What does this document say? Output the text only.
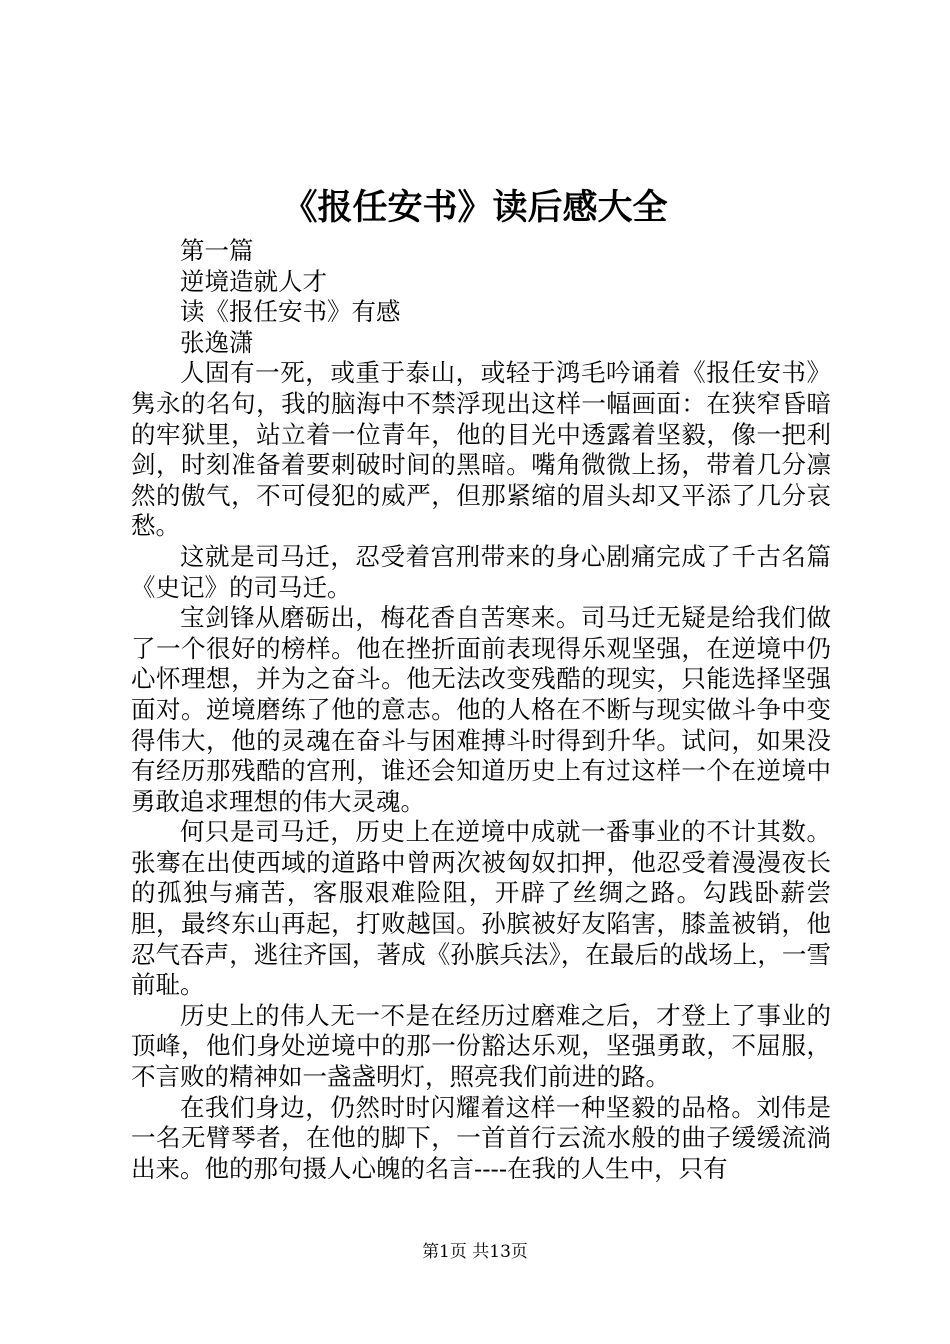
《报任安书》读后感大全

第一篇

逆境造就人才

读《报任安书》有感

张逸潇

人固有一死，或重于泰山，或轻于鸿毛吟诵着《报任安书》隽永的名句，我的脑海中不禁浮现出这样一幅画面：在狭窄昏暗的牢狱里，站立着一位青年，他的目光中透露着坚毅，像一把利剑，时刻准备着要刺破时间的黑暗。嘴角微微上扬，带着几分凛然的傲气，不可侵犯的威严，但那紧缩的眉头却又平添了几分哀愁。

这就是司马迁，忍受着宫刑带来的身心剧痛完成了千古名篇《史记》的司马迁。

宝剑锋从磨砺出，梅花香自苦寒来。司马迁无疑是给我们做了一个很好的榜样。他在挫折面前表现得乐观坚强，在逆境中仍心怀理想，并为之奋斗。他无法改变残酷的现实，只能选择坚强面对。逆境磨练了他的意志。他的人格在不断与现实做斗争中变得伟大，他的灵魂在奋斗与困难搏斗时得到升华。试问，如果没有经历那残酷的宫刑，谁还会知道历史上有过这样一个在逆境中勇敢追求理想的伟大灵魂。

何只是司马迁，历史上在逆境中成就一番事业的不计其数。张骞在出使西域的道路中曾两次被匈奴扣押，他忍受着漫漫夜长的孤独与痛苦，客服艰难险阻，开辟了丝绸之路。勾践卧薪尝胆，最终东山再起，打败越国。孙膑被好友陷害，膝盖被销，他忍气吞声，逃往齐国，著成《孙膑兵法》，在最后的战场上，一雪前耻。

历史上的伟人无一不是在经历过磨难之后，才登上了事业的顶峰，他们身处逆境中的那一份豁达乐观，坚强勇敢，不屈服，不言败的精神如一盏盏明灯，照亮我们前进的路。

在我们身边，仍然时时闪耀着这样一种坚毅的品格。刘伟是一名无臂琴者，在他的脚下，一首首行云流水般的曲子缓缓流淌出来。他的那句摄人心魄的名言----在我的人生中，只有

第1页 共13页
